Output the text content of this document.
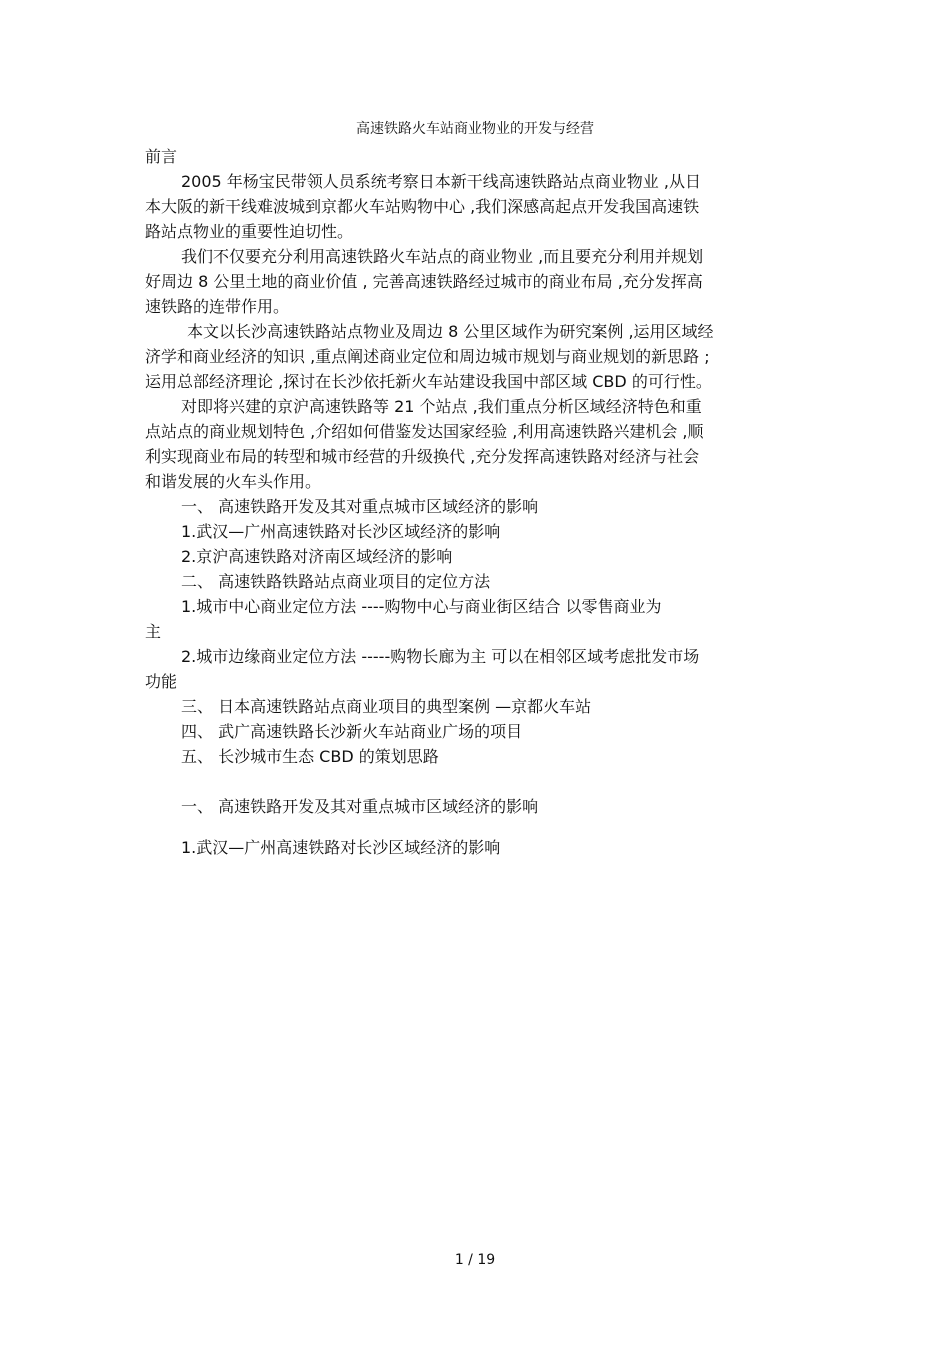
高速铁路火车站商业物业的开发与经营
前言
2005 年杨宝民带领人员系统考察日本新干线高速铁路站点商业物业 ,从日
本大阪的新干线难波城到京都火车站购物中心 ,我们深感高起点开发我国高速铁
路站点物业的重要性迫切性。
我们不仅要充分利用高速铁路火车站点的商业物业 ,而且要充分利用并规划
好周边 8 公里土地的商业价值 , 完善高速铁路经过城市的商业布局 ,充分发挥高
速铁路的连带作用。
本文以长沙高速铁路站点物业及周边 8 公里区域作为研究案例 ,运用区域经
济学和商业经济的知识 ,重点阐述商业定位和周边城市规划与商业规划的新思路 ;
运用总部经济理论 ,探讨在长沙依托新火车站建设我国中部区域 CBD 的可行性。
对即将兴建的京沪高速铁路等 21 个站点 ,我们重点分析区域经济特色和重
点站点的商业规划特色 ,介绍如何借鉴发达国家经验 ,利用高速铁路兴建机会 ,顺
利实现商业布局的转型和城市经营的升级换代 ,充分发挥高速铁路对经济与社会
和谐发展的火车头作用。
一、 高速铁路开发及其对重点城市区域经济的影响
1.武汉—广州高速铁路对长沙区域经济的影响
2.京沪高速铁路对济南区域经济的影响
二、 高速铁路铁路站点商业项目的定位方法
1.城市中心商业定位方法 ----购物中心与商业街区结合 以零售商业为
主
2.城市边缘商业定位方法 -----购物长廊为主 可以在相邻区域考虑批发市场
功能
三、 日本高速铁路站点商业项目的典型案例 —京都火车站
四、 武广高速铁路长沙新火车站商业广场的项目
五、 长沙城市生态 CBD 的策划思路
一、 高速铁路开发及其对重点城市区域经济的影响
1.武汉—广州高速铁路对长沙区域经济的影响
1 / 19
